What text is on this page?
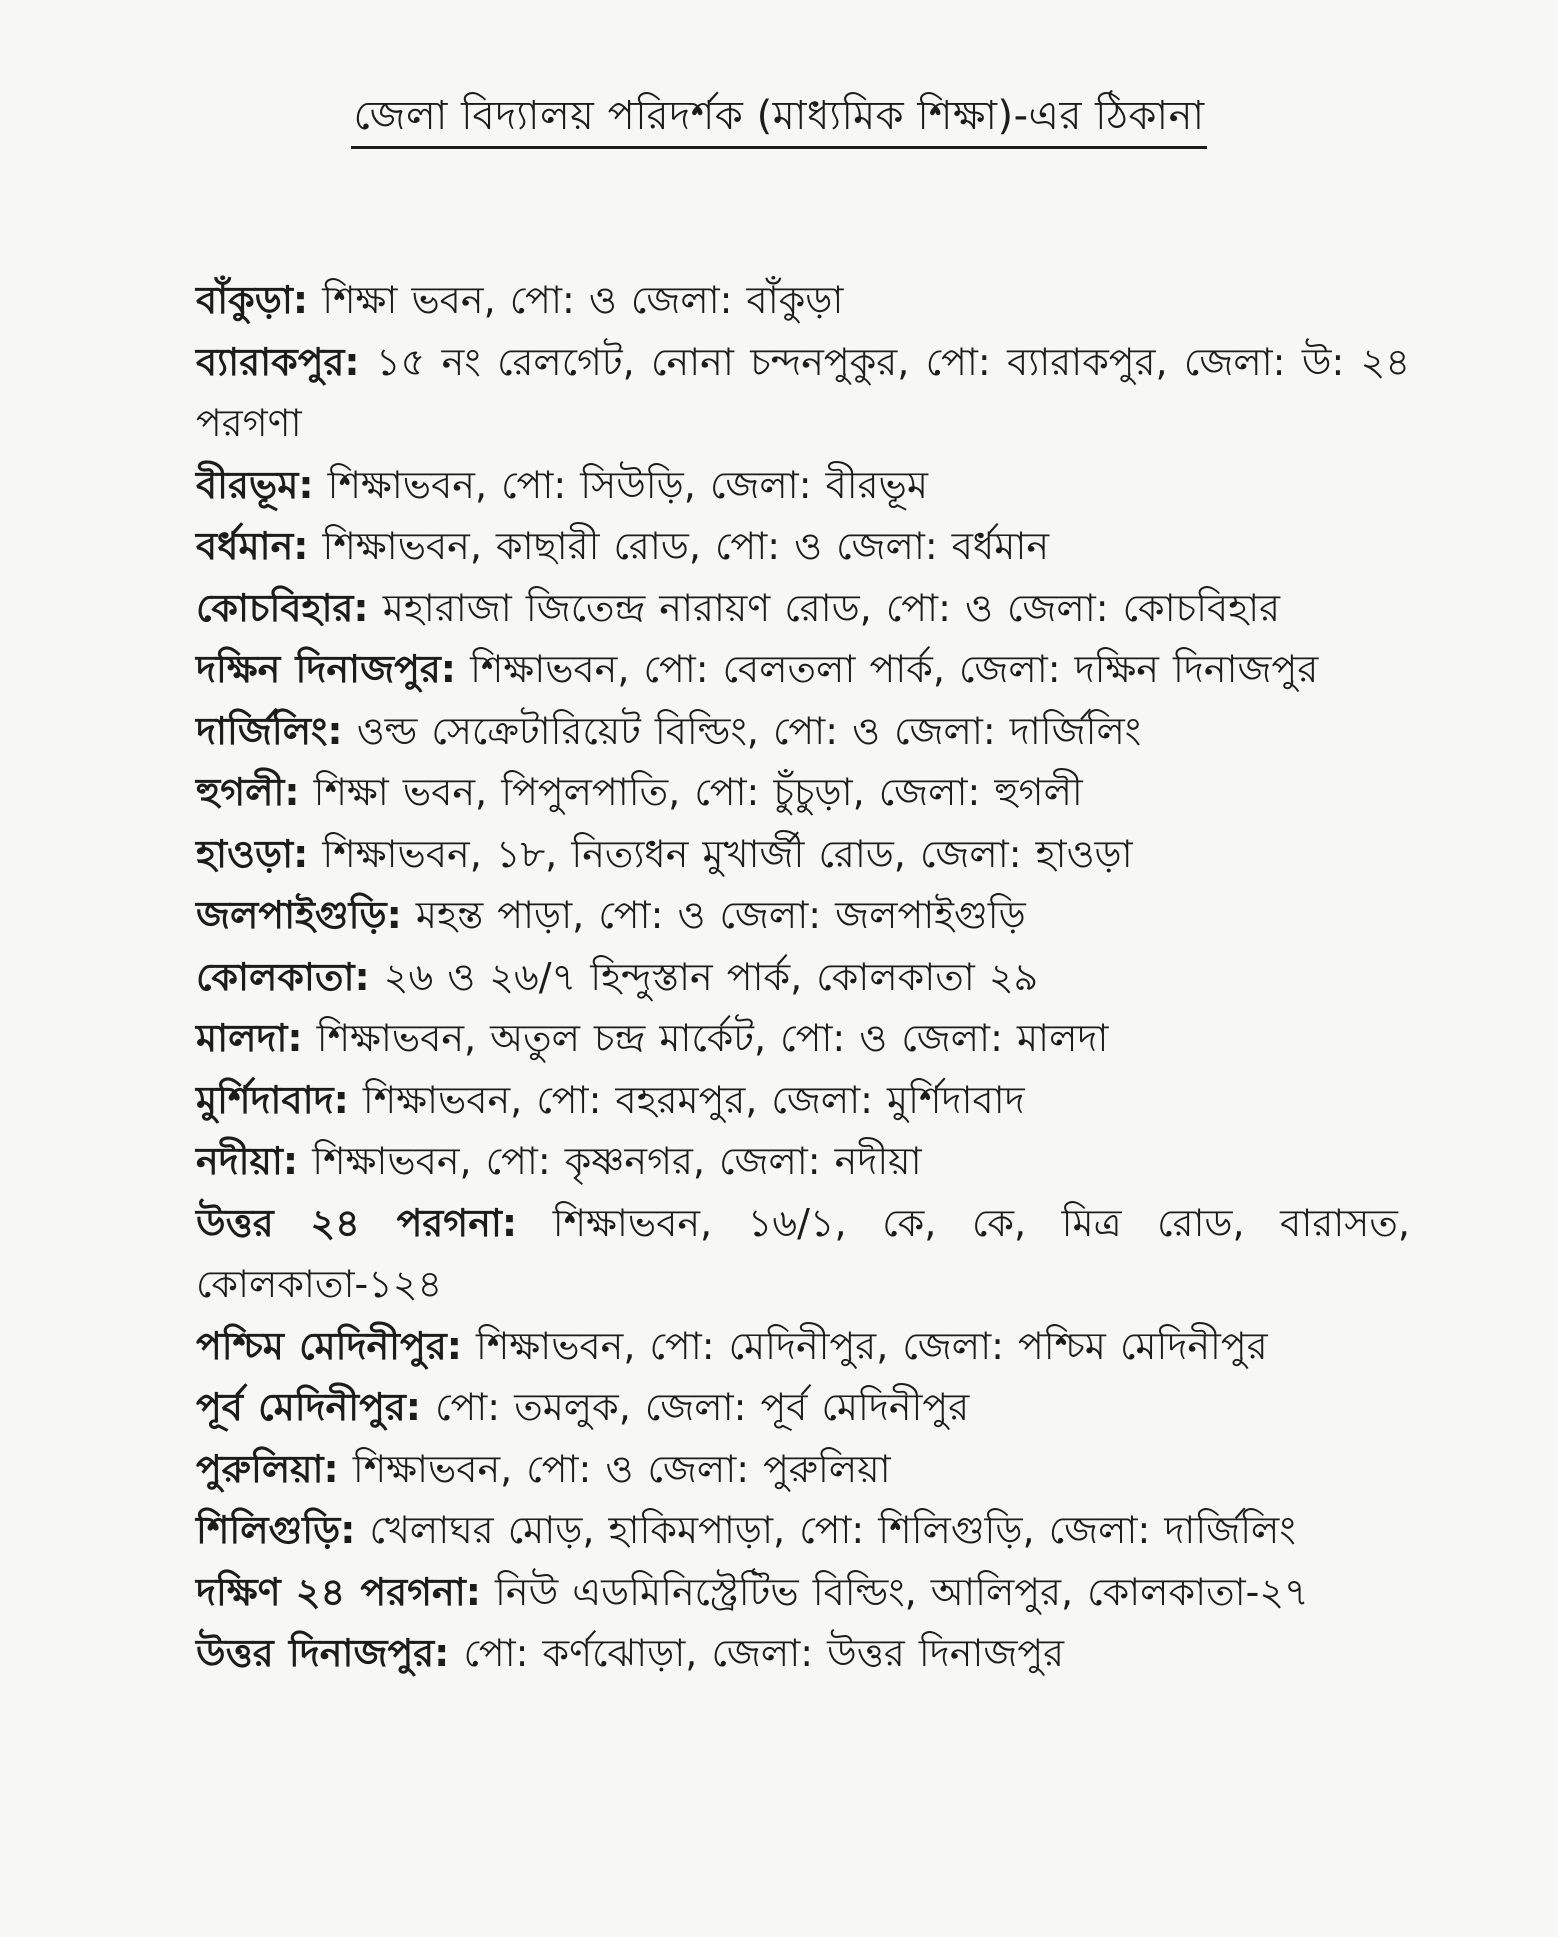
জেলা বিদ্যালয় পরিদর্শক (মাধ্যমিক শিক্ষা)-এর ঠিকানা

বাঁকুড়া: শিক্ষা ভবন, পো: ও জেলা: বাঁকুড়া

ব্যারাকপুর: ১৫ নং রেলগেট, নোনা চন্দনপুকুর, পো: ব্যারাকপুর, জেলা: উ: ২৪ পরগণা

বীরভূম: শিক্ষাভবন, পো: সিউড়ি, জেলা: বীরভূম

বর্ধমান: শিক্ষাভবন, কাছারী রোড, পো: ও জেলা: বর্ধমান

কোচবিহার: মহারাজা জিতেন্দ্র নারায়ণ রোড, পো: ও জেলা: কোচবিহার

দক্ষিন দিনাজপুর: শিক্ষাভবন, পো: বেলতলা পার্ক, জেলা: দক্ষিন দিনাজপুর

দার্জিলিং: ওল্ড সেক্রেটারিয়েট বিল্ডিং, পো: ও জেলা: দার্জিলিং

হুগলী: শিক্ষা ভবন, পিপুলপাতি, পো: চুঁচুড়া, জেলা: হুগলী

হাওড়া: শিক্ষাভবন, ১৮, নিত্যধন মুখার্জী রোড, জেলা: হাওড়া

জলপাইগুড়ি: মহন্ত পাড়া, পো: ও জেলা: জলপাইগুড়ি

কোলকাতা: ২৬ ও ২৬/৭ হিন্দুস্তান পার্ক, কোলকাতা ২৯

মালদা: শিক্ষাভবন, অতুল চন্দ্র মার্কেট, পো: ও জেলা: মালদা

মুর্শিদাবাদ: শিক্ষাভবন, পো: বহরমপুর, জেলা: মুর্শিদাবাদ

নদীয়া: শিক্ষাভবন, পো: কৃষ্ণনগর, জেলা: নদীয়া

উত্তর ২৪ পরগনা: শিক্ষাভবন, ১৬/১, কে, কে, মিত্র রোড, বারাসত, কোলকাতা-১২৪

পশ্চিম মেদিনীপুর: শিক্ষাভবন, পো: মেদিনীপুর, জেলা: পশ্চিম মেদিনীপুর

পূর্ব মেদিনীপুর: পো: তমলুক, জেলা: পূর্ব মেদিনীপুর

পুরুলিয়া: শিক্ষাভবন, পো: ও জেলা: পুরুলিয়া

শিলিগুড়ি: খেলাঘর মোড়, হাকিমপাড়া, পো: শিলিগুড়ি, জেলা: দার্জিলিং

দক্ষিণ ২৪ পরগনা: নিউ এডমিনিস্ট্রেটিভ বিল্ডিং, আলিপুর, কোলকাতা-২৭

উত্তর দিনাজপুর: পো: কর্ণঝোড়া, জেলা: উত্তর দিনাজপুর
